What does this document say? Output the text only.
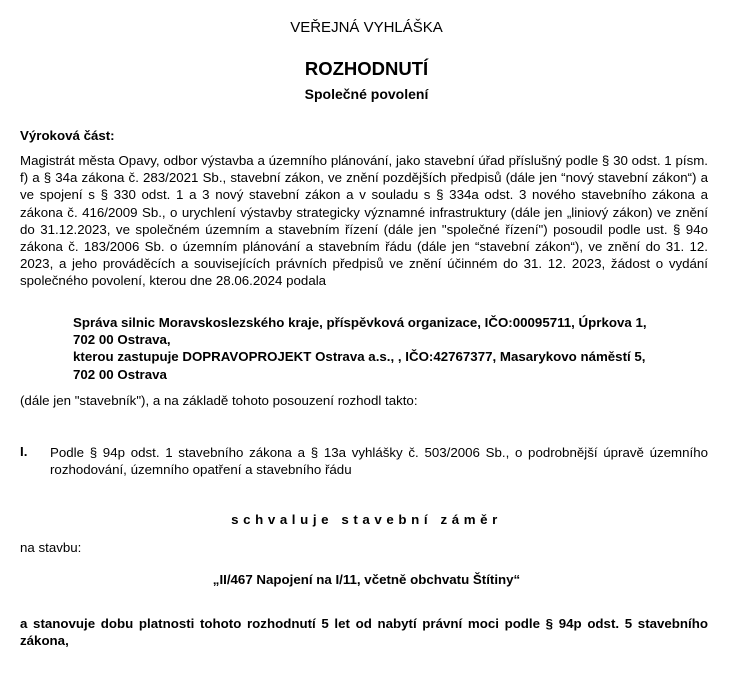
VEŘEJNÁ VYHLÁŠKA
ROZHODNUTÍ
Společné povolení
Výroková část:
Magistrát města Opavy, odbor výstavba a územního plánování, jako stavební úřad příslušný podle § 30 odst. 1 písm. f) a § 34a zákona č. 283/2021 Sb., stavební zákon, ve znění pozdějších předpisů (dále jen “nový stavební zákon“) a ve spojení s § 330 odst. 1 a 3 nový stavební zákon a v souladu s § 334a odst. 3 nového stavebního zákona a zákona č. 416/2009 Sb., o urychlení výstavby strategicky významné infrastruktury (dále jen „liniový zákon) ve znění do 31.12.2023, ve společném územním a stavebním řízení (dále jen "společné řízení") posoudil podle ust. § 94o zákona č. 183/2006 Sb. o územním plánování a stavebním řádu (dále jen “stavební zákon“), ve znění do 31. 12. 2023, a jeho prováděcích a souvisejících právních předpisů ve znění účinném do 31. 12. 2023, žádost o vydání společného povolení, kterou dne 28.06.2024 podala
Správa silnic Moravskoslezského kraje, příspěvková organizace, IČO:00095711, Úprkova 1,
702 00 Ostrava,
kterou zastupuje DOPRAVOPROJEKT Ostrava a.s., , IČO:42767377, Masarykovo náměstí 5,
702 00 Ostrava
(dále jen "stavebník"), a na základě tohoto posouzení rozhodl takto:
I. Podle § 94p odst. 1 stavebního zákona a § 13a vyhlášky č. 503/2006 Sb., o podrobnější úpravě územního rozhodování, územního opatření a stavebního řádu
schvaluje stavební záměr
na stavbu:
„II/467 Napojení na I/11, včetně obchvatu Štítiny“
a stanovuje dobu platnosti tohoto rozhodnutí 5 let od nabytí právní moci podle § 94p odst. 5 stavebního zákona,
